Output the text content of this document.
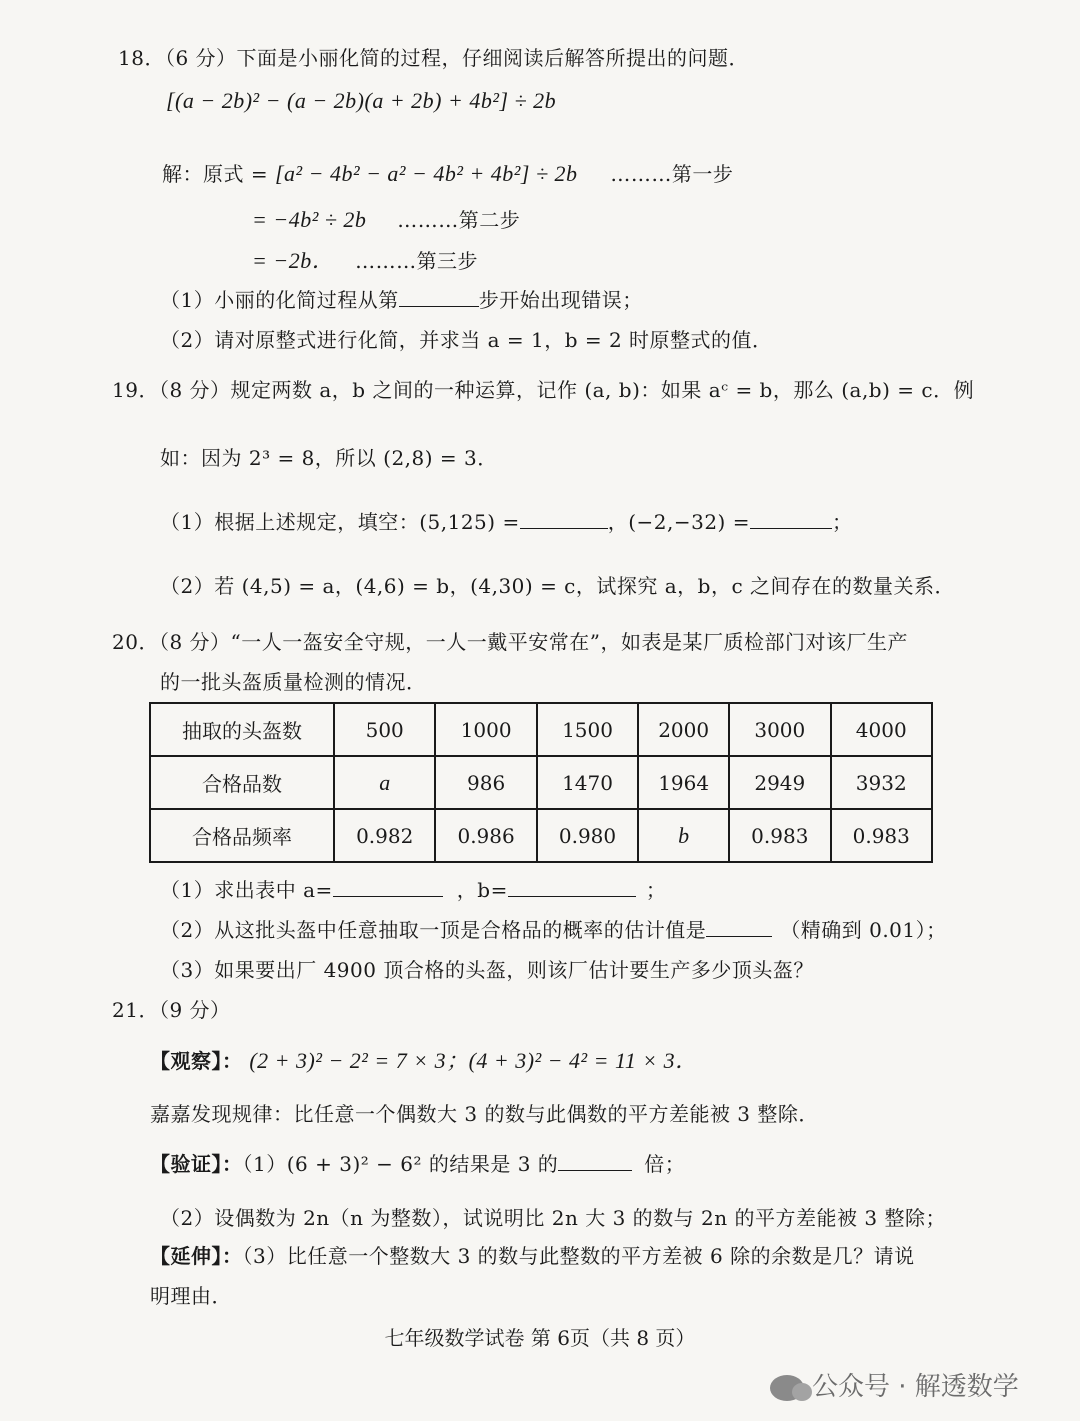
18．（6 分）下面是小丽化简的过程，仔细阅读后解答所提出的问题．
[(a − 2b)² − (a − 2b)(a + 2b) + 4b²] ÷ 2b
解：原式 = [a² − 4b² − a² − 4b² + 4b²] ÷ 2b ………第一步
= −4b² ÷ 2b ………第二步
= −2b． ………第三步
（1）小丽的化简过程从第	步开始出现错误；
（2）请对原整式进行化简，并求当 a = 1，b = 2 时原整式的值．
19．（8 分）规定两数 a，b 之间的一种运算，记作 (a, b)：如果 aᶜ = b，那么 (a,b) = c．例
如：因为 2³ = 8，所以 (2,8) = 3．
（1）根据上述规定，填空：(5,125) =	，(−2,−32) =	；
（2）若 (4,5) = a，(4,6) = b，(4,30) = c，试探究 a，b，c 之间存在的数量关系．
20．（8 分）“一人一盔安全守规，一人一戴平安常在”，如表是某厂质检部门对该厂生产
的一批头盔质量检测的情况．
抽取的头盔数	500	1000	1500	2000	3000	4000
合格品数	a	986	1470	1964	2949	3932
合格品频率	0.982	0.986	0.980	b	0.983	0.983
（1）求出表中 a=	，b=	；
（2）从这批头盔中任意抽取一顶是合格品的概率的估计值是	（精确到 0.01）；
（3）如果要出厂 4900 顶合格的头盔，则该厂估计要生产多少顶头盔？
21．（9 分）
【观察】： (2 + 3)² − 2² = 7 × 3；(4 + 3)² − 4² = 11 × 3．
嘉嘉发现规律：比任意一个偶数大 3 的数与此偶数的平方差能被 3 整除．
【验证】：（1）(6 + 3)² − 6² 的结果是 3 的	倍；
（2）设偶数为 2n（n 为整数），试说明比 2n 大 3 的数与 2n 的平方差能被 3 整除；
【延伸】：（3）比任意一个整数大 3 的数与此整数的平方差被 6 除的余数是几？请说
明理由．
七年级数学试卷 第 6页（共 8 页）
公众号 · 解透数学
